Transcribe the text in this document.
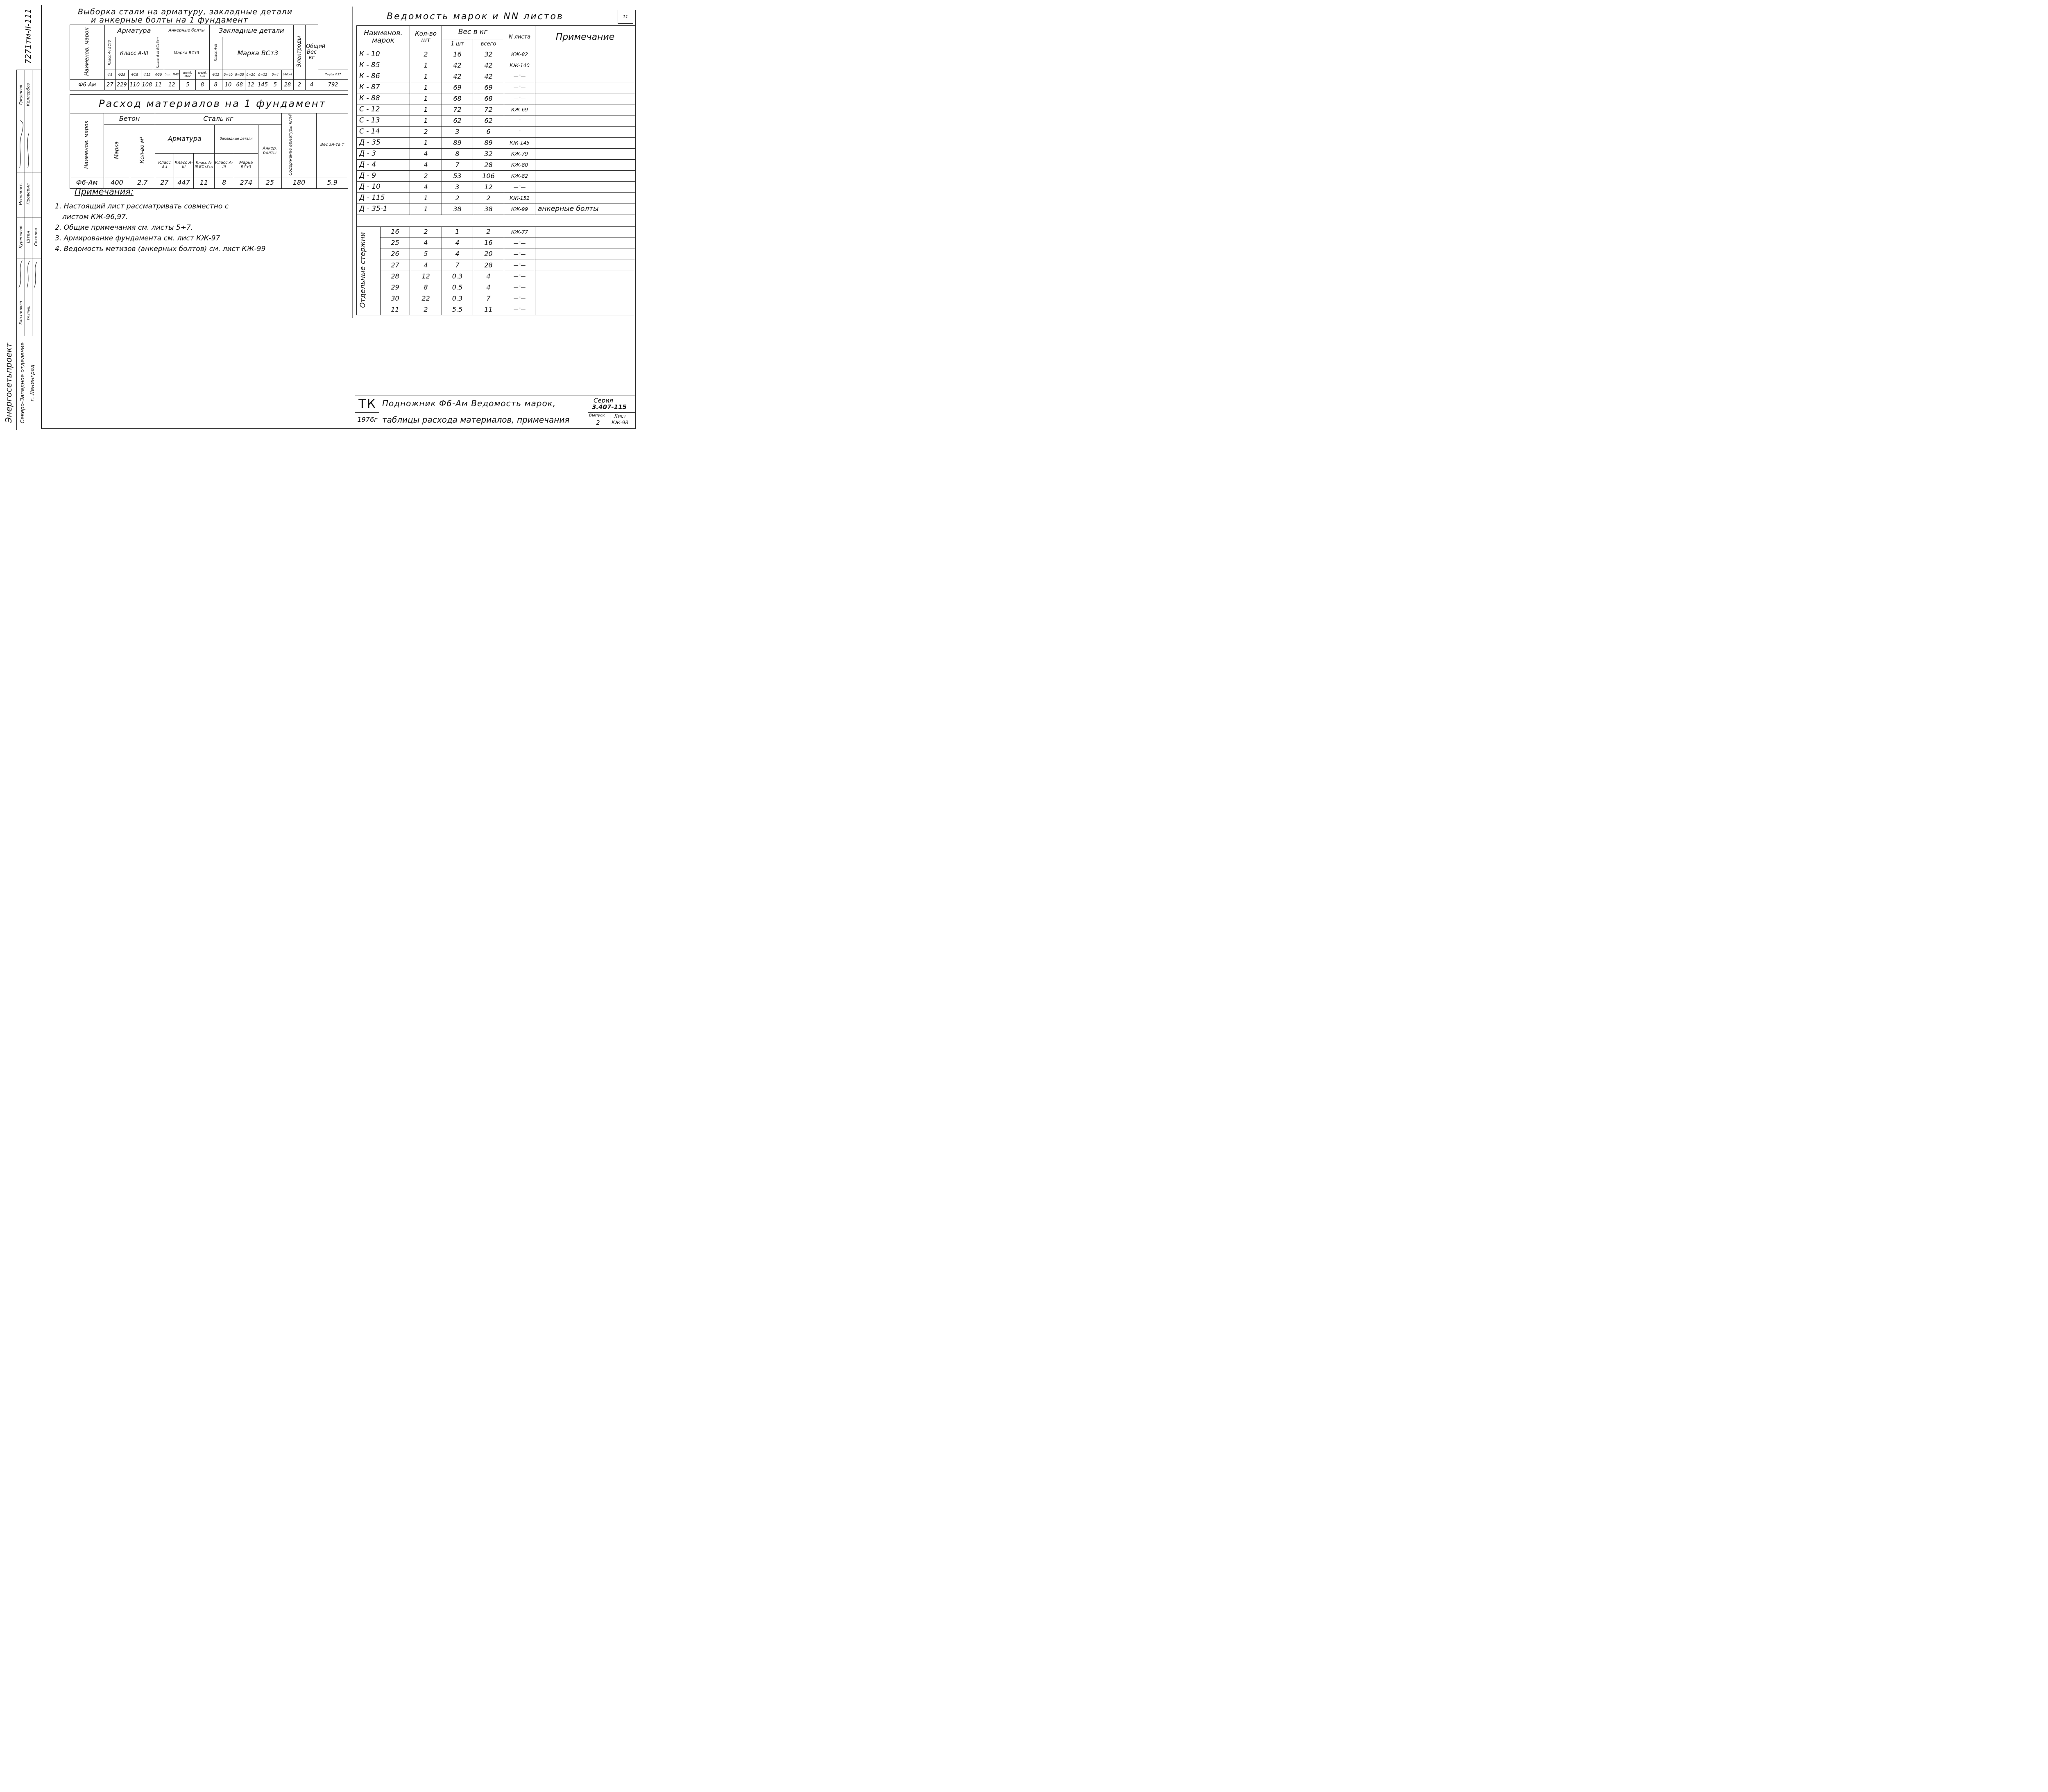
7271тм-II-111
Энергосетьпроект Северо-Западное отделение г. Ленинград
Зав.нилксэ Гл.спец.
Исполнит. Проверил
Куреносов Штин Соколов
Гридасов Келлербоз
Выборка стали на арматуру, закладные детали
и анкерные болты на 1 фундамент
Наименов. марок	Арматура					Анкерные болты			Закладные детали							Электроды	Общий Вес кг	
	Класс А-I ВСт3	Класс А-III			Класс А-III ВСт3сп	Марка ВСт3			Класс А-III	Марка ВСт3								
	Ф8	Ф25	Ф18	Ф12	Ф20	болт М42	шайб. М42	шайб. δ20	Ф12	δ=40	δ=25	δ=20	δ=12	δ=4	L40×4			Труба Ф57
Ф6-Ам	27	229	110	108	11	12	5	8	8	10	68	12	145	5	28	2	4	792
Расход материалов на 1 фундамент										
Наименов. марок	Бетон		Сталь кг						Содержание арматуры кг/м³	Вес эл-та т
	Марка	Кол-во м³	Арматура			Закладные детали		Анкер. болты		
			Класс А-I	Класс А-III	Класс А-III ВСт3сп	Класс А-III	Марка ВСт3			
Ф6-Ам	400	2.7	27	447	11	8	274	25	180	5.9
Примечания:
1. Настоящий лист рассматривать совместно с
листом КЖ-96,97.
2. Общие примечания см. листы 5÷7.
3. Армирование фундамента см. лист КЖ-97
4. Ведомость метизов (анкерных болтов) см. лист КЖ-99
Ведомость марок и NN листов	11
Наименов. марок		Кол-во шт	Вес в кг		N листа	Примечание
			1 шт	всего		
К - 10		2	16	32	КЖ-82	
К - 85		1	42	42	КЖ-140	
К - 86		1	42	42	—"—	
К - 87		1	69	69	—"—	
К - 88		1	68	68	—"—	
С - 12		1	72	72	КЖ-69	
С - 13		1	62	62	—"—	
С - 14		2	3	6	—"—	
Д - 35		1	89	89	КЖ-145	
Д - 3		4	8	32	КЖ-79	
Д - 4		4	7	28	КЖ-80	
Д - 9		2	53	106	КЖ-82	
Д - 10		4	3	12	—"—	
Д - 115		1	2	2	КЖ-152	
Д - 35-1		1	38	38	КЖ-99	анкерные болты

Отдельные стержни	16	2	1	2	КЖ-77	
	25	4	4	16	—"—	
	26	5	4	20	—"—	
	27	4	7	28	—"—	
	28	12	0.3	4	—"—	
	29	8	0.5	4	—"—	
	30	22	0.3	7	—"—	
	11	2	5.5	11	—"—	
ТК
1976г
Подножник Ф6-Ам Ведомость марок,
таблицы расхода материалов, примечания
Серия
3.407-115
Выпуск
2
Лист
КЖ-98
